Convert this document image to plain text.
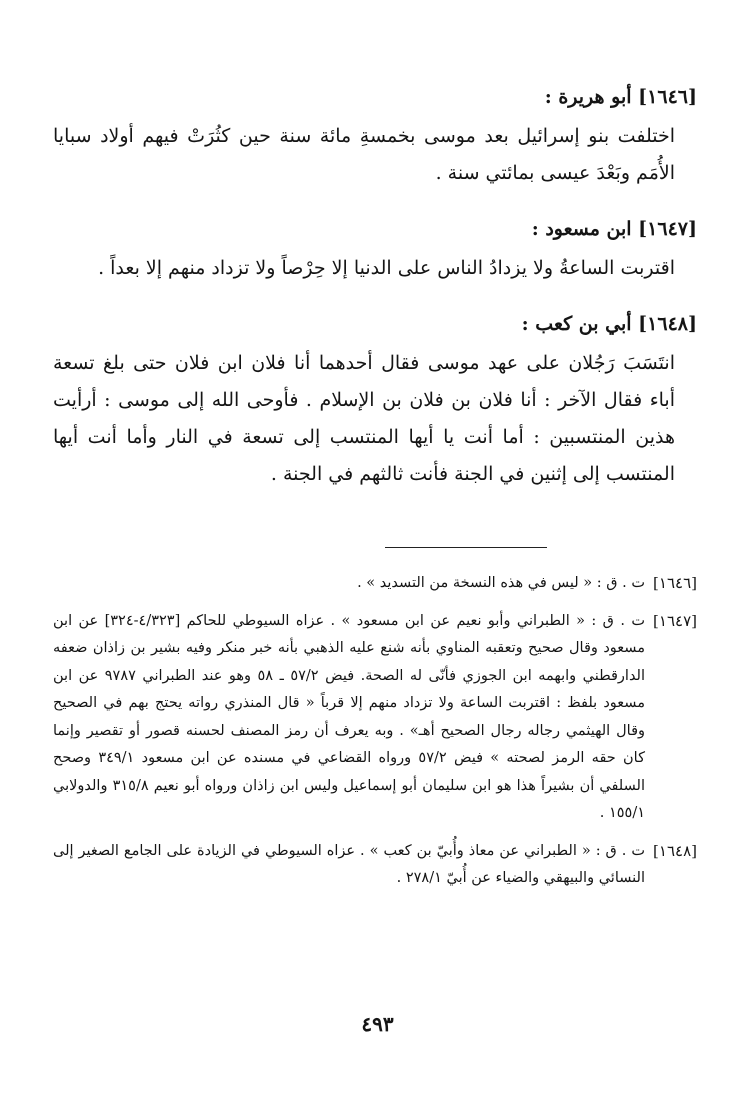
[١٦٤٦] أبو هريرة :

اختلفت بنو إسرائيل بعد موسى بخمسةِ مائة سنة حين كثُرَتْ فيهم أولاد سبايا الأُمَم وبَعْدَ عيسى بمائتي سنة .

[١٦٤٧] ابن مسعود :

اقتربت الساعةُ ولا يزدادُ الناس على الدنيا إلا حِرْصاً ولا تزداد منهم إلا بعداً .

[١٦٤٨] أبي بن كعب :

انتَسَبَ رَجُلان على عهد موسى فقال أحدهما أنا فلان ابن فلان حتى بلغ تسعة أباء فقال الآخر : أنا فلان بن فلان بن الإسلام . فأوحى الله إلى موسى : أرأيت هذين المنتسبين : أما أنت يا أيها المنتسب إلى تسعة في النار وأما أنت أيها المنتسب إلى إثنين في الجنة فأنت ثالثهم في الجنة .

[١٦٤٦]
ت . ق : « ليس في هذه النسخة من التسديد » .
[١٦٤٧]
ت . ق : « الطبراني وأبو نعيم عن ابن مسعود » . عزاه السيوطي للحاكم [٤/٣٢٣-٣٢٤] عن ابن مسعود وقال صحيح وتعقبه المناوي بأنه شنع عليه الذهبي بأنه خبر منكر وفيه بشير بن زاذان ضعفه الدارقطني وابهمه ابن الجوزي فأنّى له الصحة. فيض ٥٧/٢ ـ ٥٨ وهو عند الطبراني ٩٧٨٧ عن ابن مسعود بلفظ : اقتربت الساعة ولا تزداد منهم إلا قرباً « قال المنذري رواته يحتج بهم في الصحيح وقال الهيثمي رجاله رجال الصحيح أهـ» . وبه يعرف أن رمز المصنف لحسنه قصور أو تقصير وإنما كان حقه الرمز لصحته » فيض ٥٧/٢ ورواه القضاعي في مسنده عن ابن مسعود ٣٤٩/١ وصحح السلفي أن بشيراً هذا هو ابن سليمان أبو إسماعيل وليس ابن زاذان ورواه أبو نعيم ٣١٥/٨ والدولابي ١٥٥/١ .
[١٦٤٨]
ت . ق : « الطبراني عن معاذ وأُبيّ بن كعب » . عزاه السيوطي في الزيادة على الجامع الصغير إلى النسائي والبيهقي والضياء عن أُبيّ ٢٧٨/١ .
٤٩٣
